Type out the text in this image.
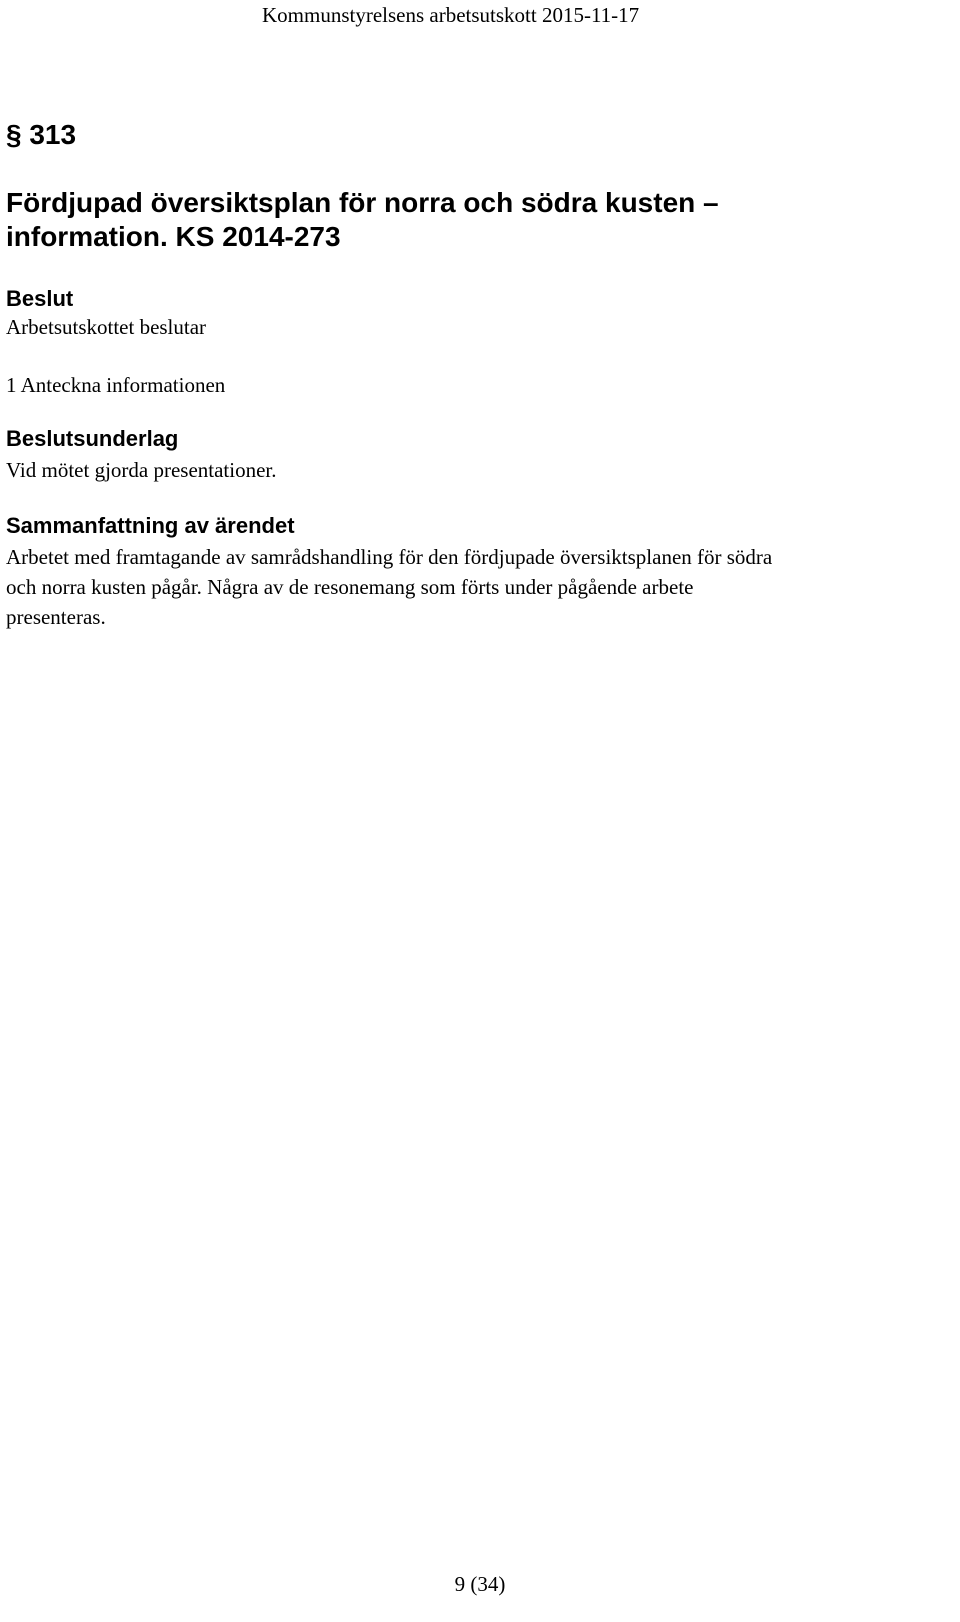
Kommunstyrelsens arbetsutskott 2015-11-17
§ 313
Fördjupad översiktsplan för norra och södra kusten –
information. KS 2014-273
Beslut
Arbetsutskottet beslutar
1 Anteckna informationen
Beslutsunderlag
Vid mötet gjorda presentationer.
Sammanfattning av ärendet
Arbetet med framtagande av samrådshandling för den fördjupade översiktsplanen för södra
och norra kusten pågår. Några av de resonemang som förts under pågående arbete
presenteras.
9 (34)
